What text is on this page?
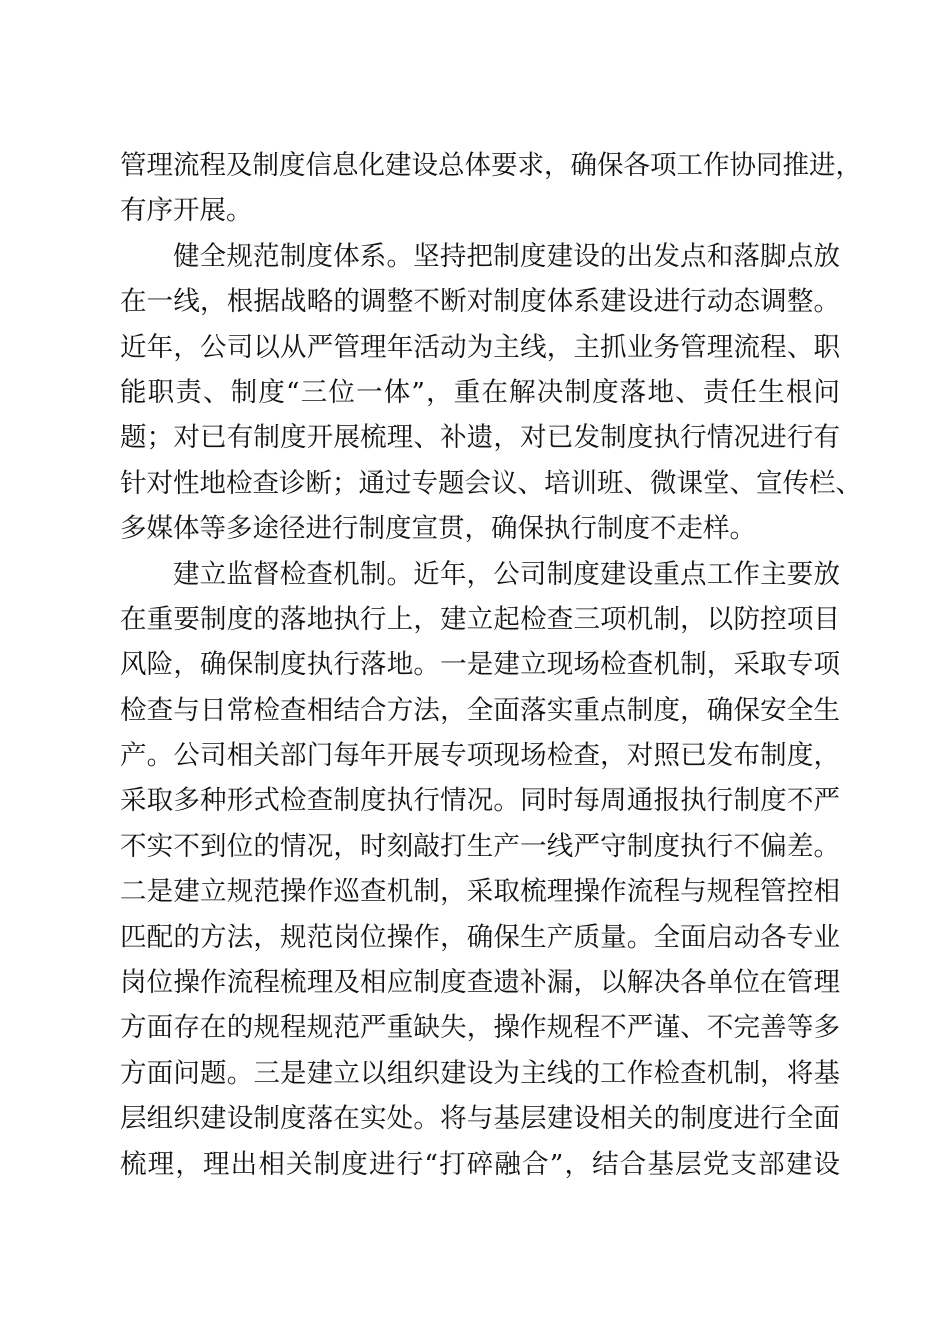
管理流程及制度信息化建设总体要求，确保各项工作协同推进，
有序开展。
健全规范制度体系。坚持把制度建设的出发点和落脚点放
在一线，根据战略的调整不断对制度体系建设进行动态调整。
近年，公司以从严管理年活动为主线，主抓业务管理流程、职
能职责、制度“三位一体”，重在解决制度落地、责任生根问
题；对已有制度开展梳理、补遗，对已发制度执行情况进行有
针对性地检查诊断；通过专题会议、培训班、微课堂、宣传栏、
多媒体等多途径进行制度宣贯，确保执行制度不走样。
建立监督检查机制。近年，公司制度建设重点工作主要放
在重要制度的落地执行上，建立起检查三项机制，以防控项目
风险，确保制度执行落地。一是建立现场检查机制，采取专项
检查与日常检查相结合方法，全面落实重点制度，确保安全生
产。公司相关部门每年开展专项现场检查，对照已发布制度，
采取多种形式检查制度执行情况。同时每周通报执行制度不严
不实不到位的情况，时刻敲打生产一线严守制度执行不偏差。
二是建立规范操作巡查机制，采取梳理操作流程与规程管控相
匹配的方法，规范岗位操作，确保生产质量。全面启动各专业
岗位操作流程梳理及相应制度查遗补漏，以解决各单位在管理
方面存在的规程规范严重缺失，操作规程不严谨、不完善等多
方面问题。三是建立以组织建设为主线的工作检查机制，将基
层组织建设制度落在实处。将与基层建设相关的制度进行全面
梳理，理出相关制度进行“打碎融合”，结合基层党支部建设
